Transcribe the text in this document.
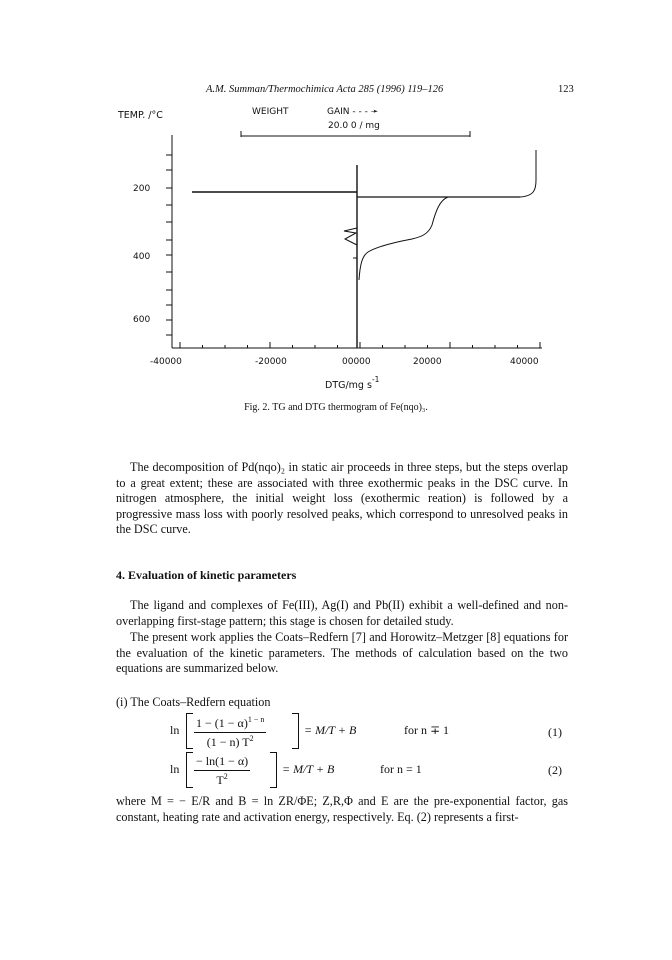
A.M. Summan/Thermochimica Acta 285 (1996) 119–126	123
TEMP. /°C	WEIGHT	GAIN - - - ➛
20.0 0 / mg
200
400
600
-40000	-20000	00000	20000	40000
DTG/mg $s^{-1}$
Fig. 2. TG and DTG thermogram of Fe(nqo)₃.

The decomposition of Pd(nqo)₂ in static air proceeds in three steps, but the steps overlap to a great extent; these are associated with three exothermic peaks in the DSC curve. In nitrogen atmosphere, the initial weight loss (exothermic reation) is followed by a progressive mass loss with poorly resolved peaks, which correspond to unresolved peaks in the DSC curve.

4. Evaluation of kinetic parameters

The ligand and complexes of Fe(III), Ag(I) and Pb(II) exhibit a well-defined and non-overlapping first-stage pattern; this stage is chosen for detailed study.

The present work applies the Coats–Redfern [7] and Horowitz–Metzger [8] equations for the evaluation of the kinetic parameters. The methods of calculation based on the two equations are summarized below.

(i) The Coats–Redfern equation
$\ln \frac{1 - (1 - \alpha)^{1 - n}}{(1 - n) T^2}$	= M/T + B	for n ∓ 1	(1)
$\ln \frac{- \ln(1 - \alpha)}{T^2}$	= M/T + B	for n = 1	(2)

where M = − E/R and B = ln ZR/ΦE; Z,R,Φ and E are the pre-exponential factor, gas constant, heating rate and activation energy, respectively. Eq. (2) represents a first-
